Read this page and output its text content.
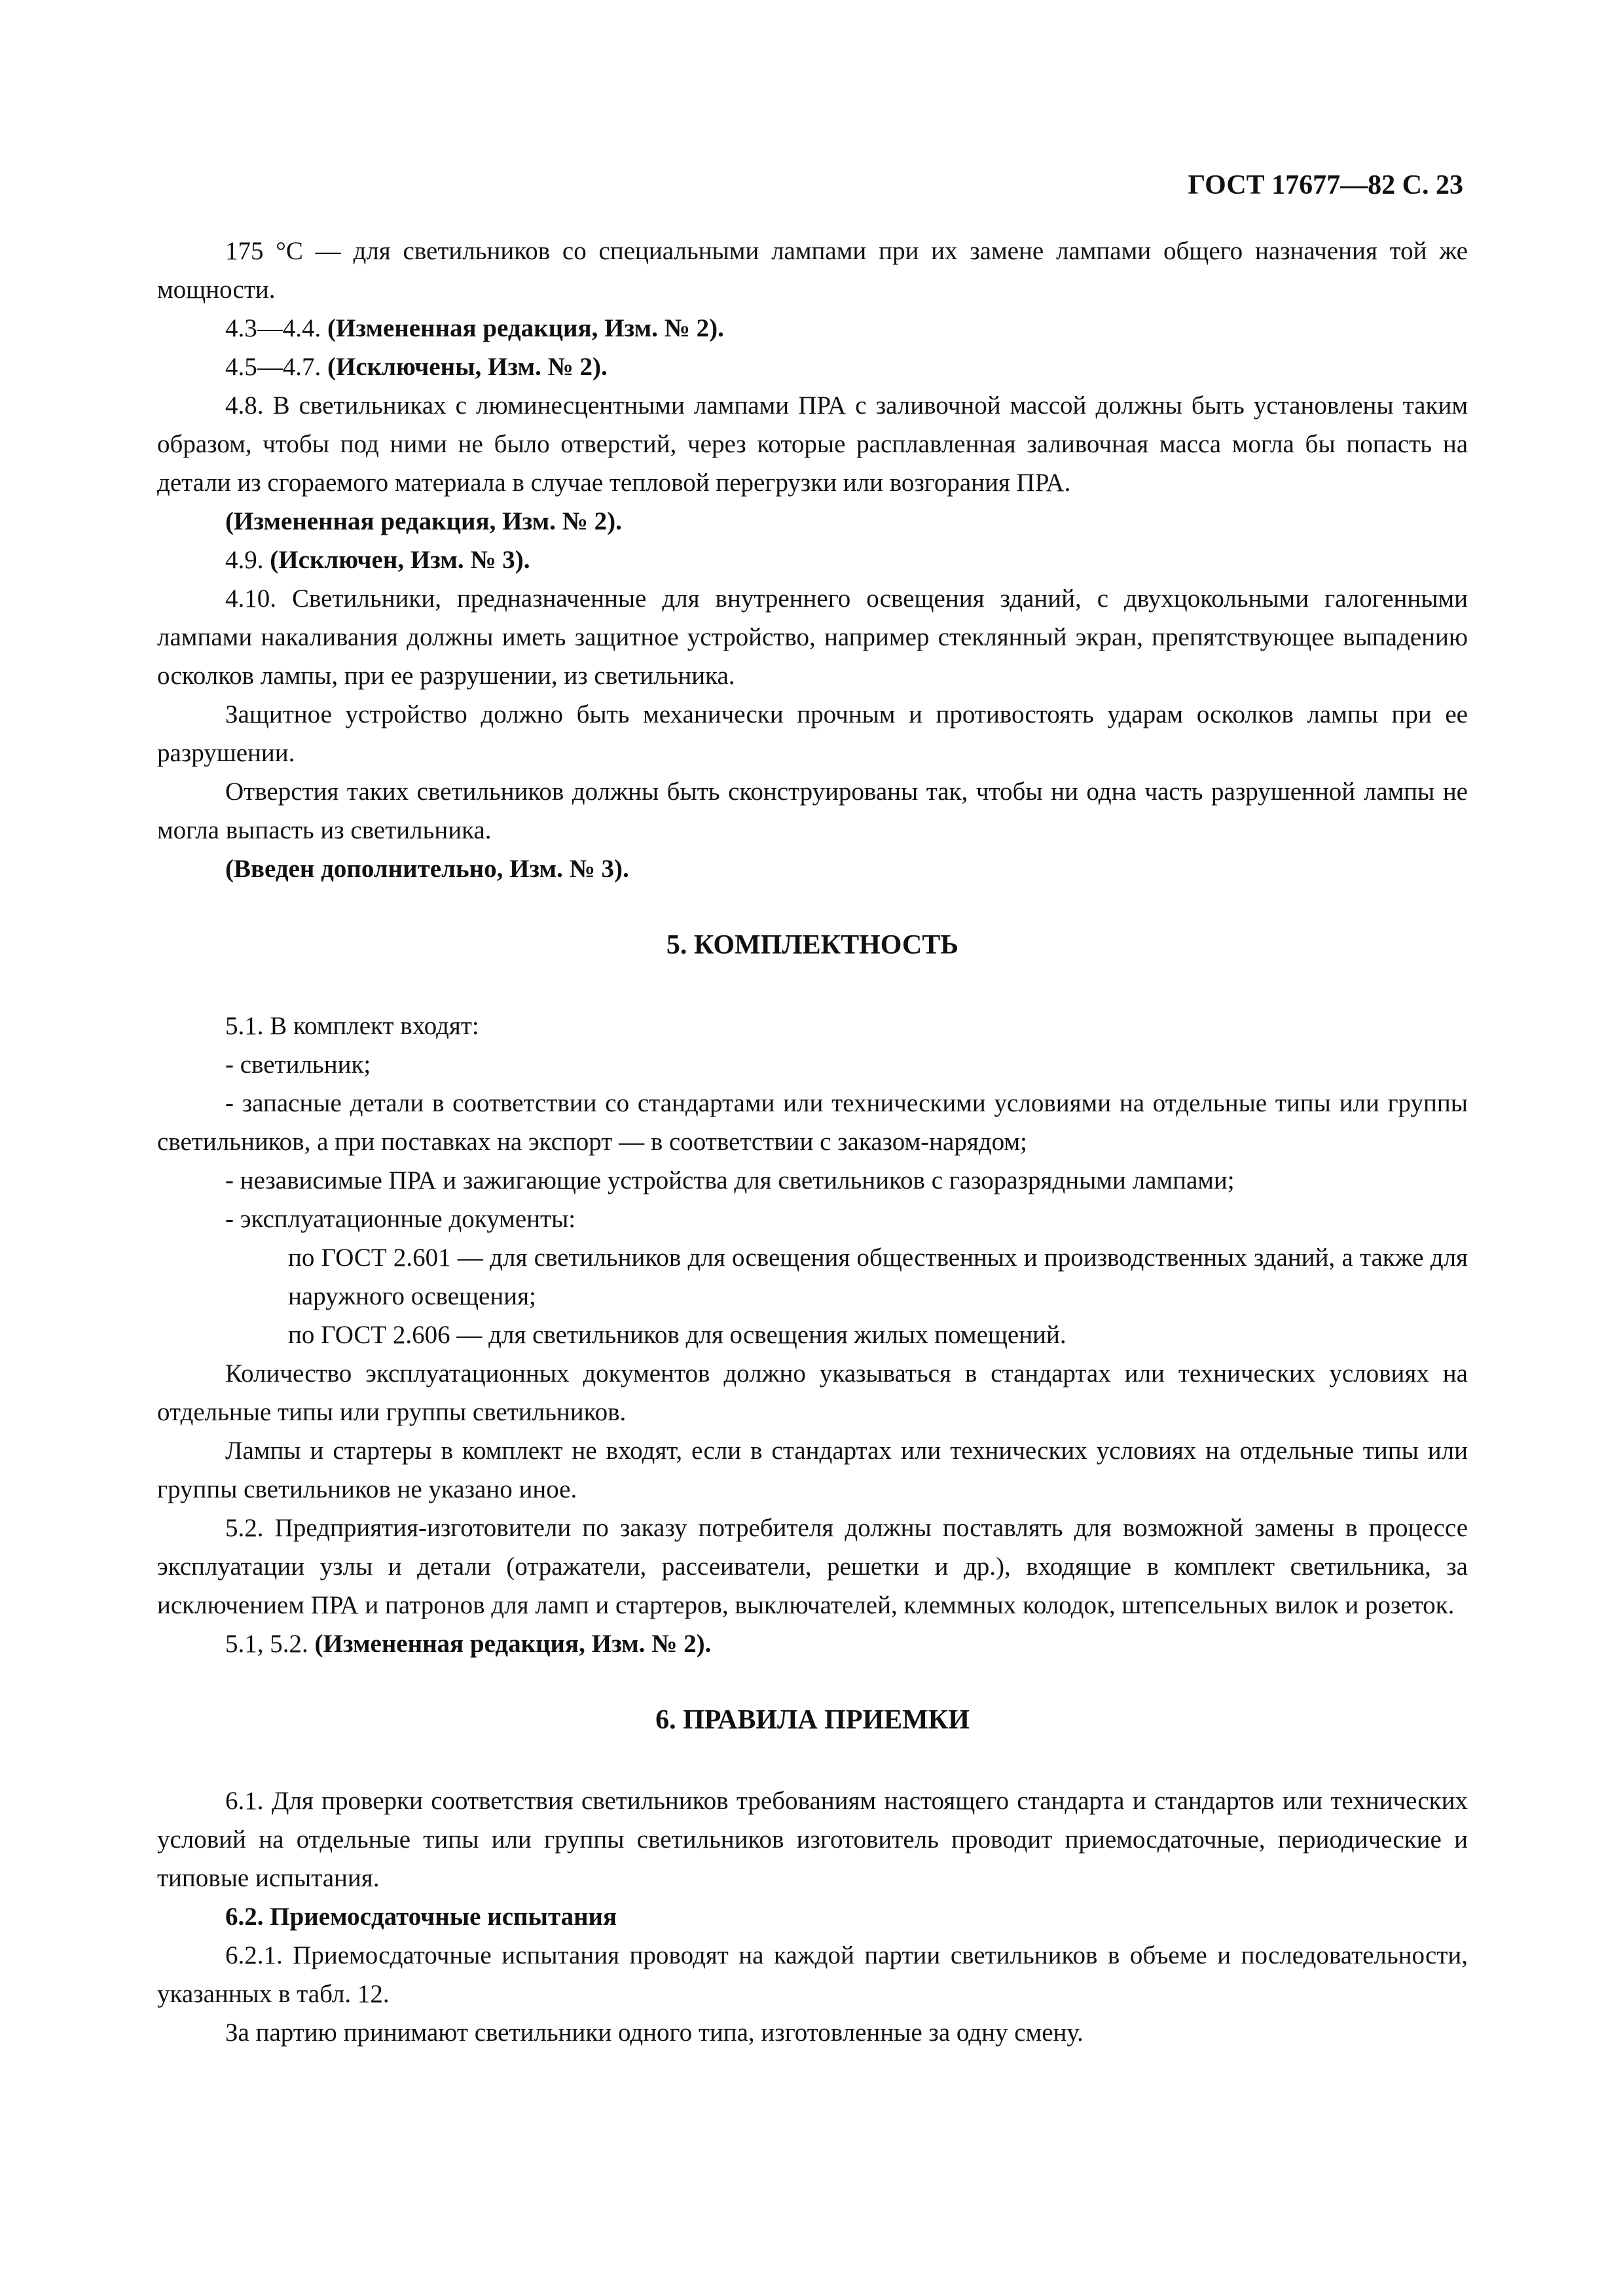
ГОСТ 17677—82 С. 23

175 °С — для светильников со специальными лампами при их замене лампами общего назначения той же мощности.

4.3—4.4. (Измененная редакция, Изм. № 2).

4.5—4.7. (Исключены, Изм. № 2).

4.8. В светильниках с люминесцентными лампами ПРА с заливочной массой должны быть установлены таким образом, чтобы под ними не было отверстий, через которые расплавленная заливочная масса могла бы попасть на детали из сгораемого материала в случае тепловой перегрузки или возгорания ПРА.

(Измененная редакция, Изм. № 2).

4.9. (Исключен, Изм. № 3).

4.10. Светильники, предназначенные для внутреннего освещения зданий, с двухцокольными галогенными лампами накаливания должны иметь защитное устройство, например стеклянный экран, препятствующее выпадению осколков лампы, при ее разрушении, из светильника.

Защитное устройство должно быть механически прочным и противостоять ударам осколков лампы при ее разрушении.

Отверстия таких светильников должны быть сконструированы так, чтобы ни одна часть разрушенной лампы не могла выпасть из светильника.

(Введен дополнительно, Изм. № 3).

5. КОМПЛЕКТНОСТЬ

5.1. В комплект входят:

- светильник;

- запасные детали в соответствии со стандартами или техническими условиями на отдельные типы или группы светильников, а при поставках на экспорт — в соответствии с заказом-нарядом;

- независимые ПРА и зажигающие устройства для светильников с газоразрядными лампами;

- эксплуатационные документы:

по ГОСТ 2.601 — для светильников для освещения общественных и производственных зданий, а также для наружного освещения;

по ГОСТ 2.606 — для светильников для освещения жилых помещений.

Количество эксплуатационных документов должно указываться в стандартах или технических условиях на отдельные типы или группы светильников.

Лампы и стартеры в комплект не входят, если в стандартах или технических условиях на отдельные типы или группы светильников не указано иное.

5.2. Предприятия-изготовители по заказу потребителя должны поставлять для возможной замены в процессе эксплуатации узлы и детали (отражатели, рассеиватели, решетки и др.), входящие в комплект светильника, за исключением ПРА и патронов для ламп и стартеров, выключателей, клеммных колодок, штепсельных вилок и розеток.

5.1, 5.2. (Измененная редакция, Изм. № 2).

6. ПРАВИЛА ПРИЕМКИ

6.1. Для проверки соответствия светильников требованиям настоящего стандарта и стандартов или технических условий на отдельные типы или группы светильников изготовитель проводит приемосдаточные, периодические и типовые испытания.

6.2. Приемосдаточные испытания

6.2.1. Приемосдаточные испытания проводят на каждой партии светильников в объеме и последовательности, указанных в табл. 12.

За партию принимают светильники одного типа, изготовленные за одну смену.
